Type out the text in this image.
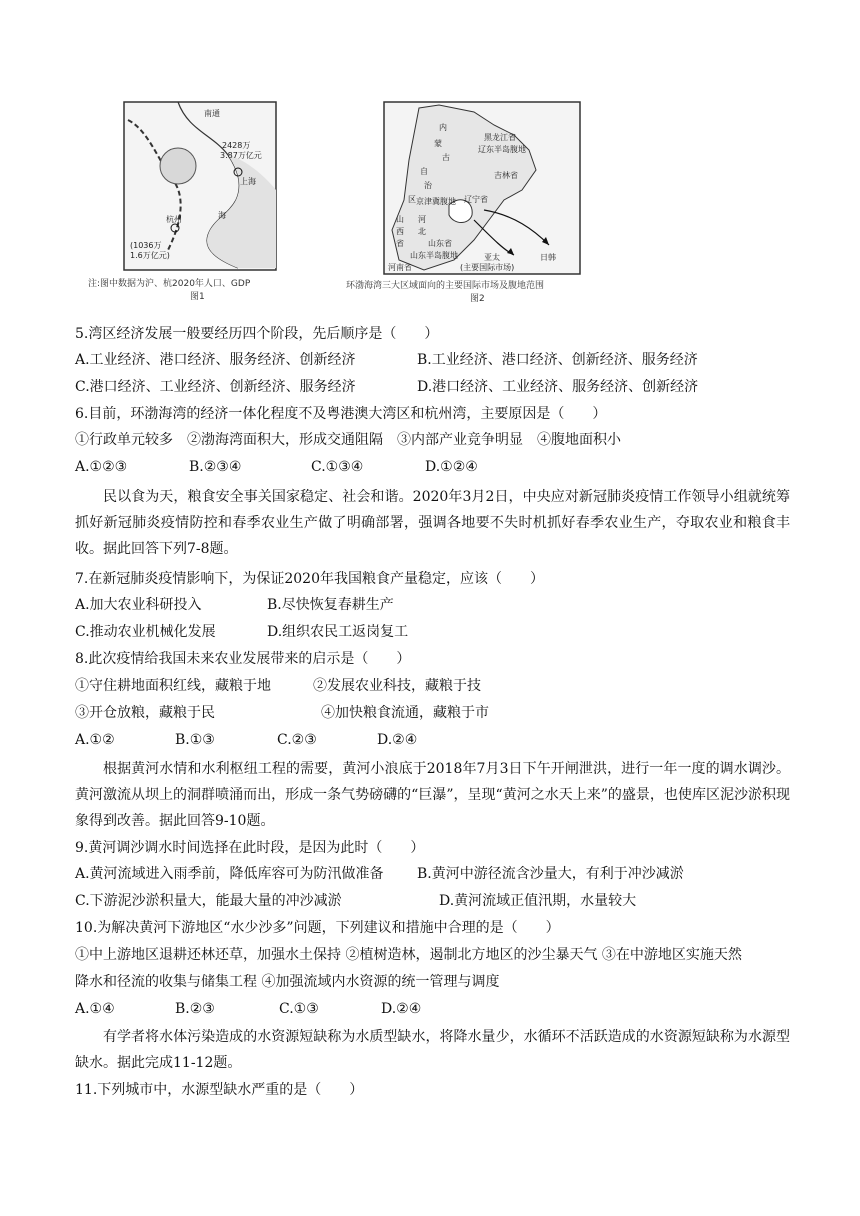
南通
2428万
3.87万亿元
上海
杭州	海
(1036万
1.6万亿元)
注:图中数据为沪、杭2020年人口、GDP
图1
内
蒙
古
自
治
区
黑龙江省
辽东半岛腹地
吉林省
京津冀腹地 辽宁省
山
西
省
河
北
山东省
山东半岛腹地
河南省
亚太
(主要国际市场)
日韩
环渤海湾三大区域面向的主要国际市场及腹地范围
图2
5.湾区经济发展一般要经历四个阶段，先后顺序是（　　）
A.工业经济、港口经济、服务经济、创新经济	B.工业经济、港口经济、创新经济、服务经济
C.港口经济、工业经济、创新经济、服务经济	D.港口经济、工业经济、服务经济、创新经济
6.目前，环渤海湾的经济一体化程度不及粤港澳大湾区和杭州湾，主要原因是（　　）
①行政单元较多　②渤海湾面积大，形成交通阻隔　③内部产业竞争明显　④腹地面积小
A.①②③	B.②③④	C.①③④	D.①②④
民以食为天，粮食安全事关国家稳定、社会和谐。2020年3月2日，中央应对新冠肺炎疫情工作领导小组就统筹抓好新冠肺炎疫情防控和春季农业生产做了明确部署，强调各地要不失时机抓好春季农业生产，夺取农业和粮食丰收。据此回答下列7-8题。
7.在新冠肺炎疫情影响下，为保证2020年我国粮食产量稳定，应该（　　）
A.加大农业科研投入	B.尽快恢复春耕生产
C.推动农业机械化发展	D.组织农民工返岗复工
8.此次疫情给我国未来农业发展带来的启示是（　　）
①守住耕地面积红线，藏粮于地	②发展农业科技，藏粮于技
③开仓放粮，藏粮于民	④加快粮食流通，藏粮于市
A.①②	B.①③	C.②③	D.②④
根据黄河水情和水利枢纽工程的需要，黄河小浪底于2018年7月3日下午开闸泄洪，进行一年一度的调水调沙。黄河激流从坝上的洞群喷涌而出，形成一条气势磅礴的“巨瀑”，呈现“黄河之水天上来”的盛景，也使库区泥沙淤积现象得到改善。据此回答9-10题。
9.黄河调沙调水时间选择在此时段，是因为此时（　　）
A.黄河流域进入雨季前，降低库容可为防汛做准备 B.黄河中游径流含沙量大，有利于冲沙减淤
C.下游泥沙淤积量大，能最大量的冲沙减淤	D.黄河流域正值汛期，水量较大
10.为解决黄河下游地区“水少沙多”问题，下列建议和措施中合理的是（　　）
①中上游地区退耕还林还草，加强水土保持 ②植树造林，遏制北方地区的沙尘暴天气 ③在中游地区实施天然
降水和径流的收集与储集工程 ④加强流域内水资源的统一管理与调度
A.①④	B.②③	C.①③	D.②④
有学者将水体污染造成的水资源短缺称为水质型缺水，将降水量少，水循环不活跃造成的水资源短缺称为水源型缺水。据此完成11-12题。
11.下列城市中，水源型缺水严重的是（　　）
